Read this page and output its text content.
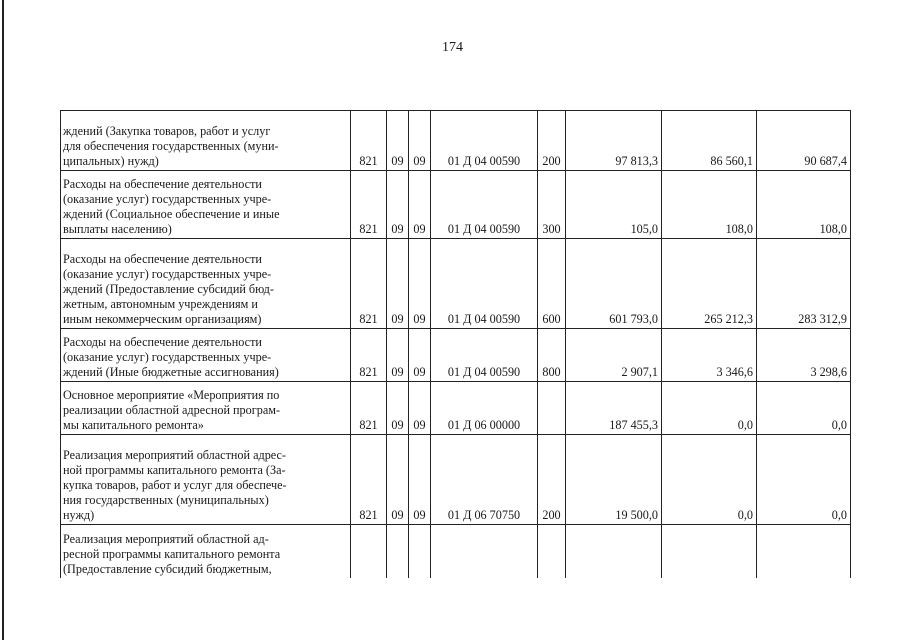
174
ждений (Закупка товаров, работ и услуг
для обеспечения государственных (муни-
ципальных) нужд)	821	09	09	01 Д 04 00590	200	97 813,3	86 560,1	90 687,4

Расходы на обеспечение деятельности
(оказание услуг) государственных учре-
ждений (Социальное обеспечение и иные
выплаты населению)	821	09	09	01 Д 04 00590	300	105,0	108,0	108,0

Расходы на обеспечение деятельности
(оказание услуг) государственных учре-
ждений (Предоставление субсидий бюд-
жетным, автономным учреждениям и
иным некоммерческим организациям)	821	09	09	01 Д 04 00590	600	601 793,0	265 212,3	283 312,9

Расходы на обеспечение деятельности
(оказание услуг) государственных учре-
ждений (Иные бюджетные ассигнования)	821	09	09	01 Д 04 00590	800	2 907,1	3 346,6	3 298,6

Основное мероприятие «Мероприятия по
реализации областной адресной програм-
мы капитального ремонта»	821	09	09	01 Д 06 00000		187 455,3	0,0	0,0

Реализация мероприятий областной адрес-
ной программы капитального ремонта (За-
купка товаров, работ и услуг для обеспече-
ния государственных (муниципальных)
нужд)	821	09	09	01 Д 06 70750	200	19 500,0	0,0	0,0

Реализация мероприятий областной ад-
ресной программы капитального ремонта
(Предоставление субсидий бюджетным,								
